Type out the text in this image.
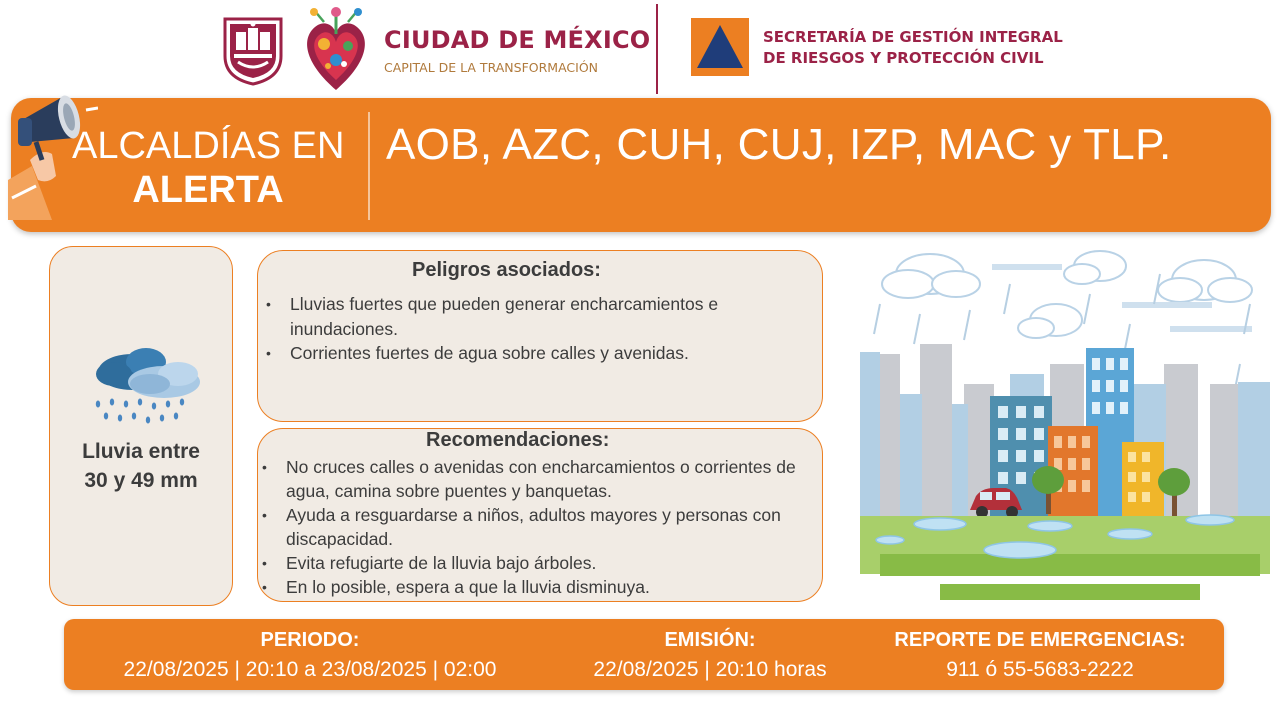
CIUDAD DE MÉXICO
CAPITAL DE LA TRANSFORMACIÓN
SECRETARÍA DE GESTIÓN INTEGRAL
DE RIESGOS Y PROTECCIÓN CIVIL
ALCALDÍAS EN
ALERTA
AOB, AZC, CUH, CUJ, IZP, MAC y TLP.
Lluvia entre
30 y 49 mm
Peligros asociados:
• Lluvias fuertes que pueden generar encharcamientos e inundaciones.
• Corrientes fuertes de agua sobre calles y avenidas.
Recomendaciones:
• No cruces calles o avenidas con encharcamientos o corrientes de agua, camina sobre puentes y banquetas.
• Ayuda a resguardarse a niños, adultos mayores y personas con discapacidad.
• Evita refugiarte de la lluvia bajo árboles.
• En lo posible, espera a que la lluvia disminuya.
PERIODO:
22/08/2025 | 20:10 a 23/08/2025 | 02:00
EMISIÓN:
22/08/2025 | 20:10 horas
REPORTE DE EMERGENCIAS:
911 ó 55-5683-2222
